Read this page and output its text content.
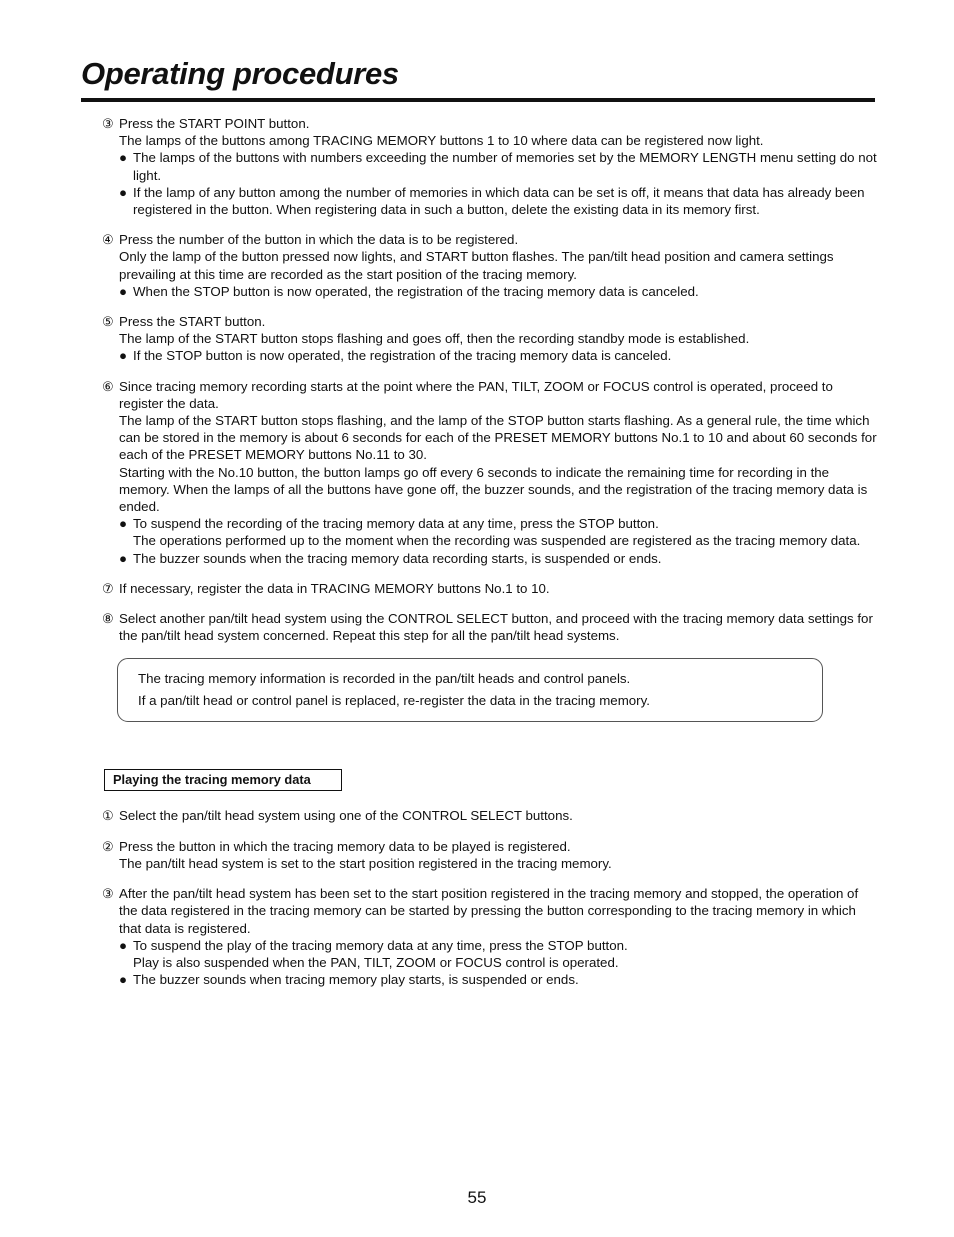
Operating procedures
③ Press the START POINT button.

The lamps of the buttons among TRACING MEMORY buttons 1 to 10 where data can be registered now light.

● The lamps of the buttons with numbers exceeding the number of memories set by the MEMORY LENGTH menu setting do not light.

● If the lamp of any button among the number of memories in which data can be set is off, it means that data has already been registered in the button. When registering data in such a button, delete the existing data in its memory first.

④ Press the number of the button in which the data is to be registered.

Only the lamp of the button pressed now lights, and START button flashes. The pan/tilt head position and camera settings prevailing at this time are recorded as the start position of the tracing memory.

● When the STOP button is now operated, the registration of the tracing memory data is canceled.

⑤ Press the START button.

The lamp of the START button stops flashing and goes off, then the recording standby mode is established.

● If the STOP button is now operated, the registration of the tracing memory data is canceled.

⑥ Since tracing memory recording starts at the point where the PAN, TILT, ZOOM or FOCUS control is operated, proceed to register the data.

The lamp of the START button stops flashing, and the lamp of the STOP button starts flashing. As a general rule, the time which can be stored in the memory is about 6 seconds for each of the PRESET MEMORY buttons No.1 to 10 and about 60 seconds for each of the PRESET MEMORY buttons No.11 to 30.

Starting with the No.10 button, the button lamps go off every 6 seconds to indicate the remaining time for recording in the memory. When the lamps of all the buttons have gone off, the buzzer sounds, and the registration of the tracing memory data is ended.

● To suspend the recording of the tracing memory data at any time, press the STOP button.

The operations performed up to the moment when the recording was suspended are registered as the tracing memory data.

● The buzzer sounds when the tracing memory data recording starts, is suspended or ends.

⑦ If necessary, register the data in TRACING MEMORY buttons No.1 to 10.

⑧ Select another pan/tilt head system using the CONTROL SELECT button, and proceed with the tracing memory data settings for the pan/tilt head system concerned. Repeat this step for all the pan/tilt head systems.

The tracing memory information is recorded in the pan/tilt heads and control panels.

If a pan/tilt head or control panel is replaced, re-register the data in the tracing memory.

Playing the tracing memory data
① Select the pan/tilt head system using one of the CONTROL SELECT buttons.

② Press the button in which the tracing memory data to be played is registered.

The pan/tilt head system is set to the start position registered in the tracing memory.

③ After the pan/tilt head system has been set to the start position registered in the tracing memory and stopped, the operation of the data registered in the tracing memory can be started by pressing the button corresponding to the tracing memory in which that data is registered.

● To suspend the play of the tracing memory data at any time, press the STOP button.

Play is also suspended when the PAN, TILT, ZOOM or FOCUS control is operated.

● The buzzer sounds when tracing memory play starts, is suspended or ends.

55
